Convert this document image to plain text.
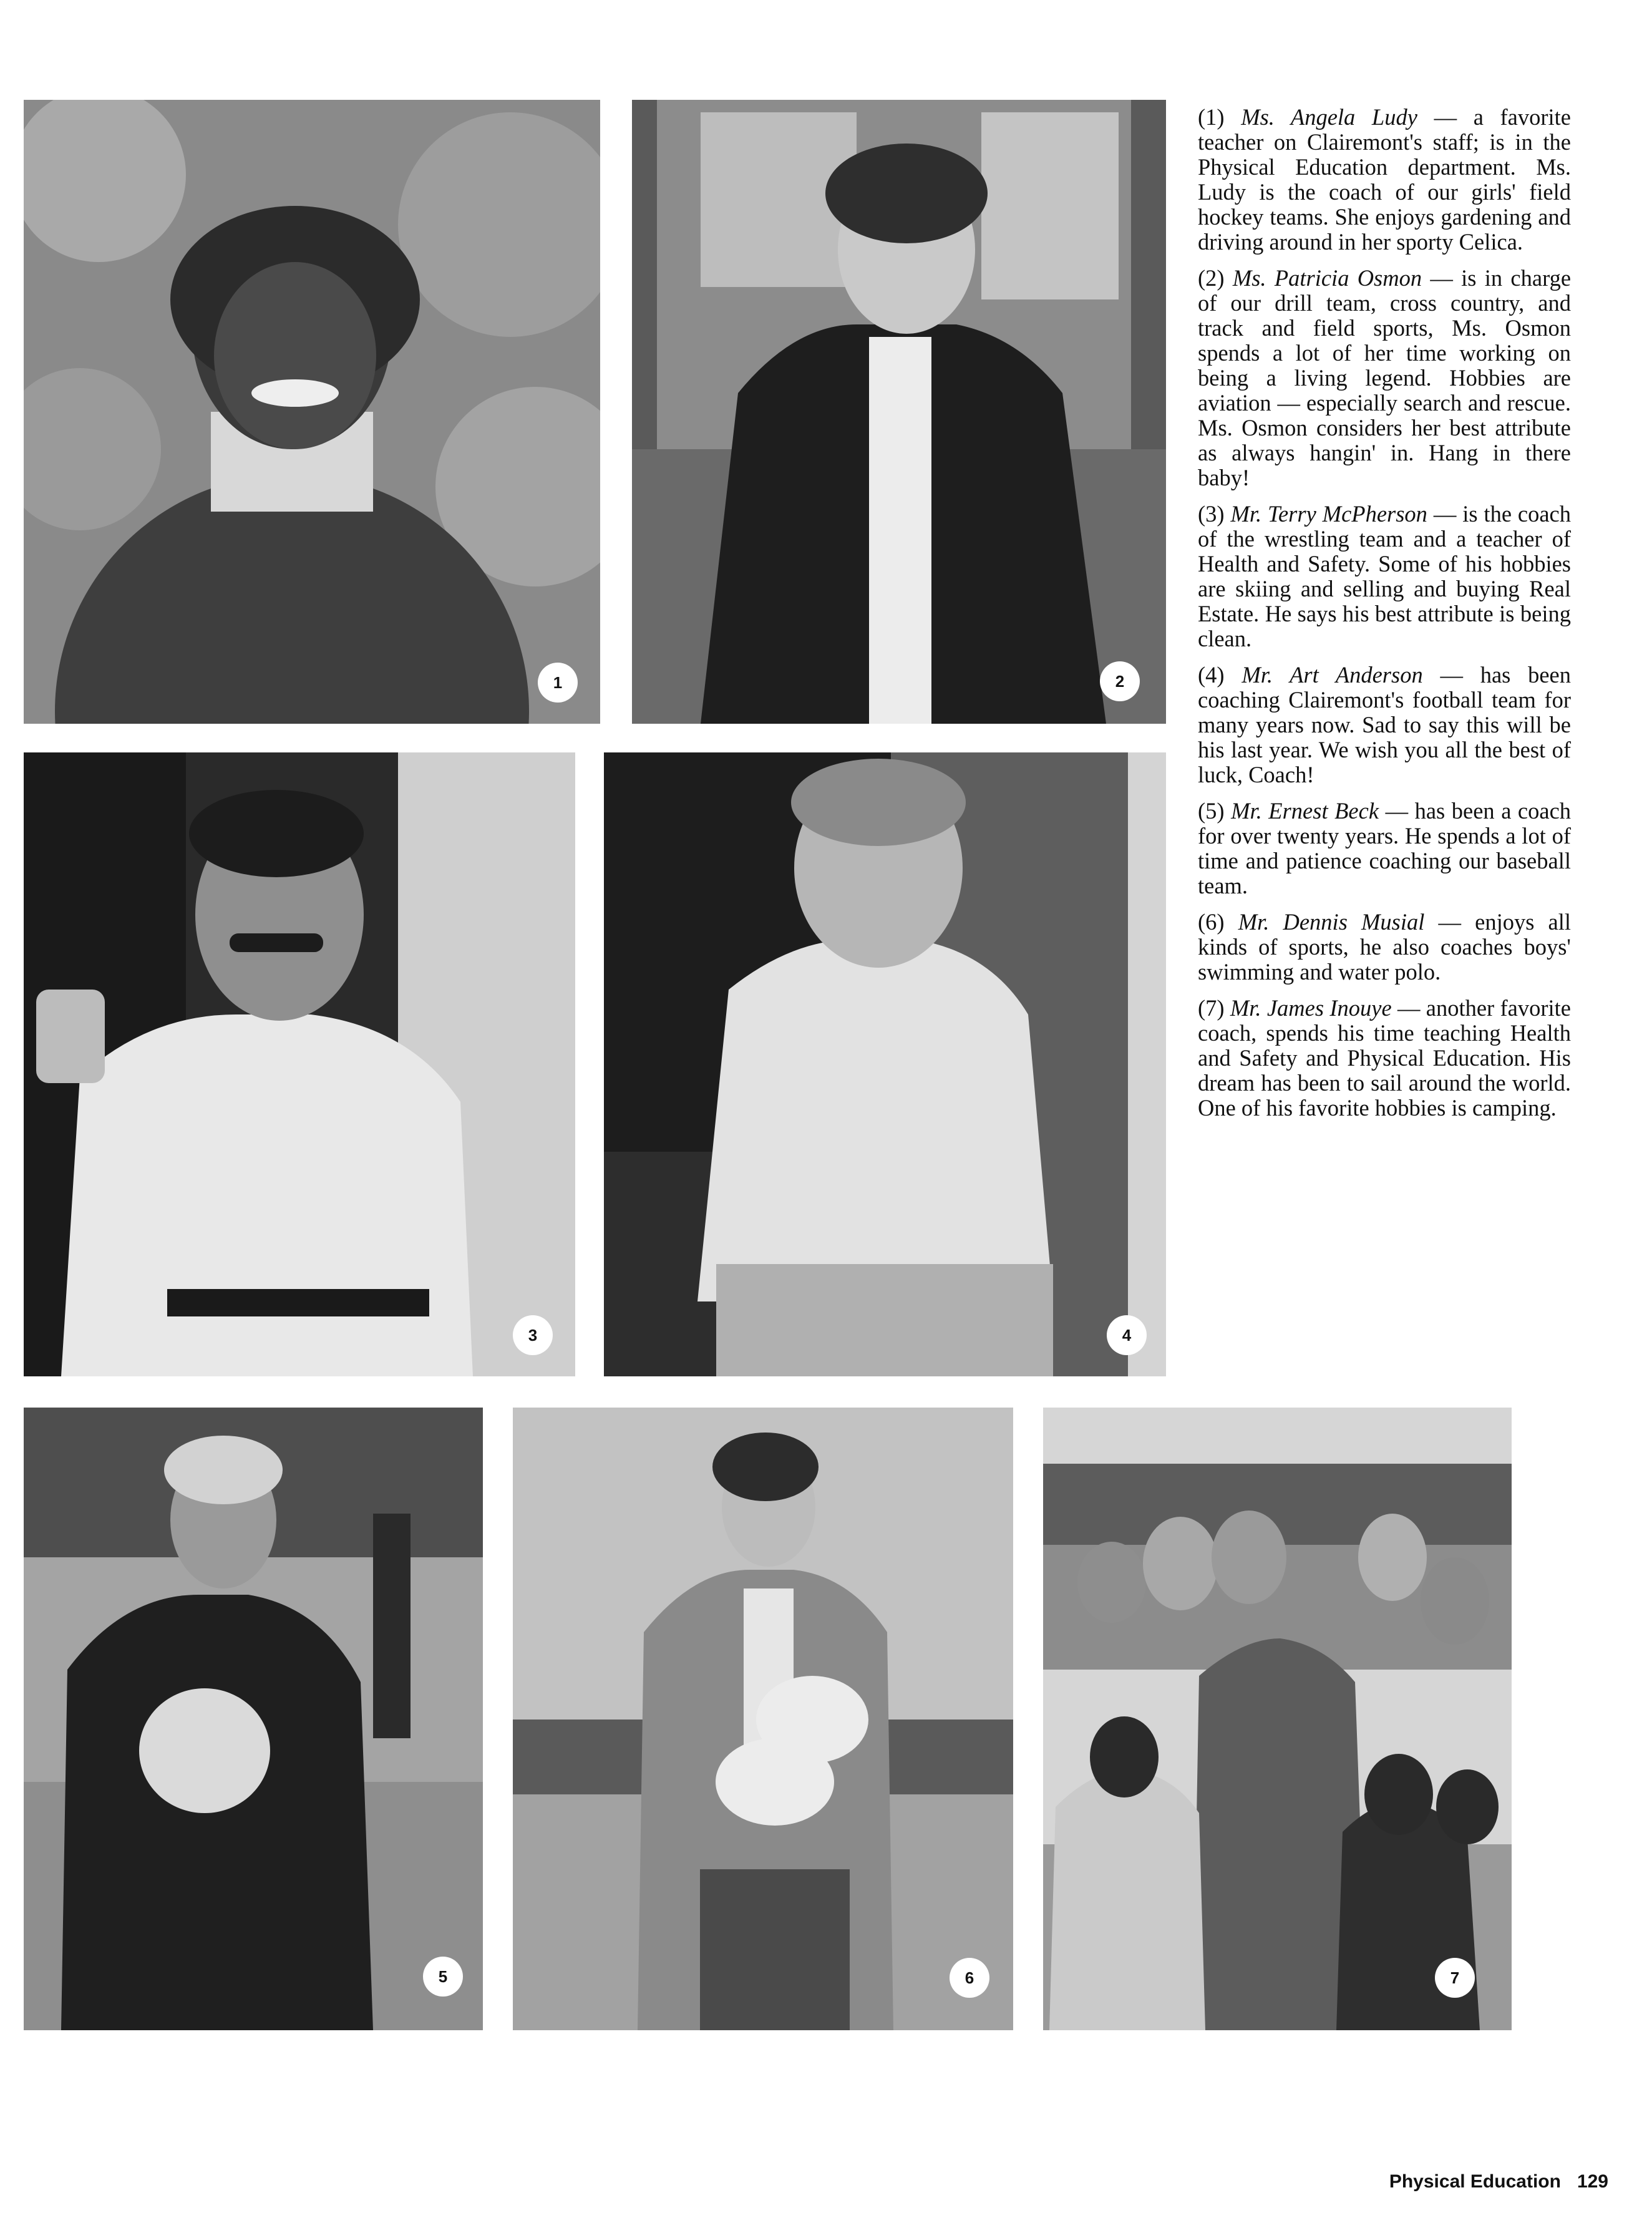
1	2
3	4
5	6	7

(1) Ms. Angela Ludy — a favorite teacher on Clairemont's staff; is in the Physical Education department. Ms. Ludy is the coach of our girls' field hockey teams. She enjoys gardening and driving around in her sporty Celica.

(2) Ms. Patricia Osmon — is in charge of our drill team, cross country, and track and field sports, Ms. Osmon spends a lot of her time working on being a living legend. Hobbies are aviation — especially search and rescue. Ms. Osmon considers her best attribute as always hangin' in. Hang in there baby!

(3) Mr. Terry McPherson — is the coach of the wrestling team and a teacher of Health and Safety. Some of his hobbies are skiing and selling and buying Real Estate. He says his best attribute is being clean.

(4) Mr. Art Anderson — has been coaching Clairemont's football team for many years now. Sad to say this will be his last year. We wish you all the best of luck, Coach!

(5) Mr. Ernest Beck — has been a coach for over twenty years. He spends a lot of time and patience coaching our baseball team.

(6) Mr. Dennis Musial — enjoys all kinds of sports, he also coaches boys' swimming and water polo.

(7) Mr. James Inouye — another favorite coach, spends his time teaching Health and Safety and Physical Education. His dream has been to sail around the world. One of his favorite hobbies is camping.

Physical Education 129
